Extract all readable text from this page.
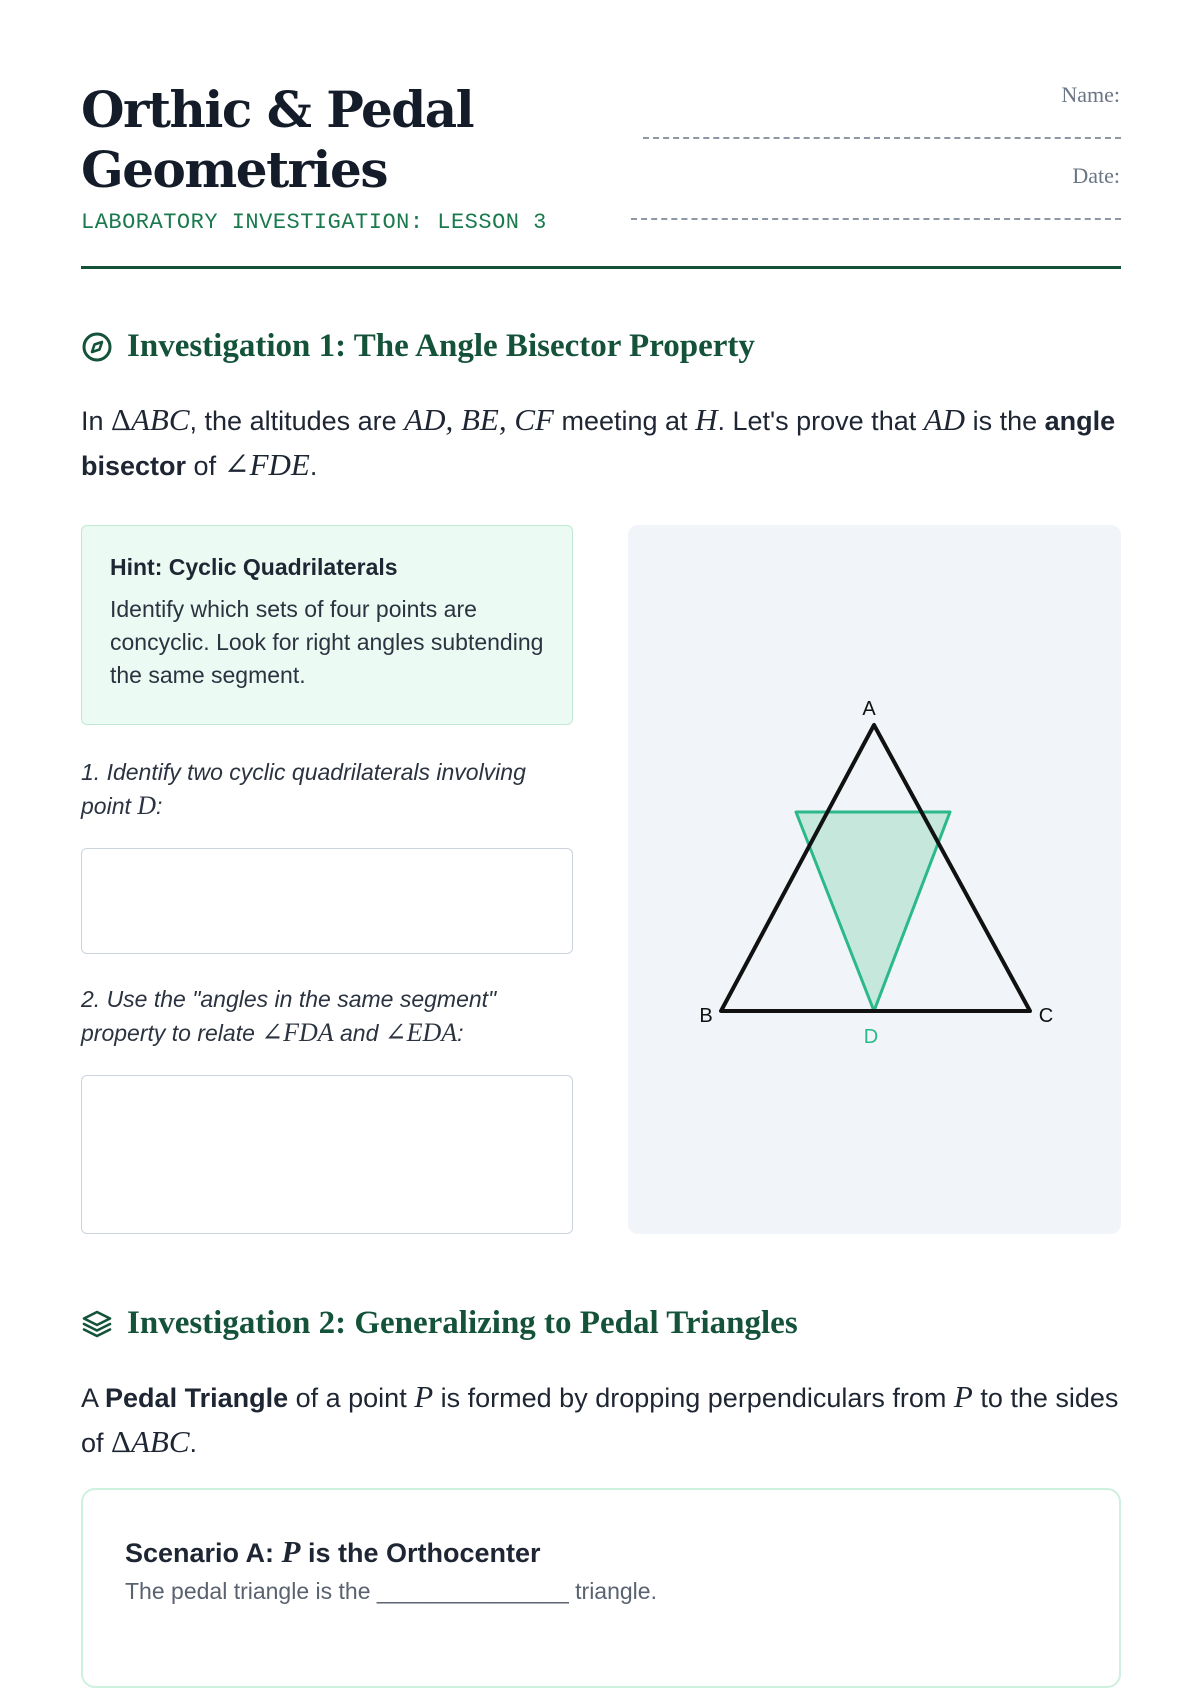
Orthic & Pedal Geometries
LABORATORY INVESTIGATION: LESSON 3
Name:
Date:
Investigation 1: The Angle Bisector Property

In ΔABC, the altitudes are AD, BE, CF meeting at H. Let's prove that AD is the angle bisector of ∠FDE.

Hint: Cyclic Quadrilaterals
Identify which sets of four points are concyclic. Look for right angles subtending the same segment.

1. Identify two cyclic quadrilaterals involving point D:

2. Use the "angles in the same segment" property to relate ∠FDA and ∠EDA:

A
B	C
D
Investigation 2: Generalizing to Pedal Triangles

A Pedal Triangle of a point P is formed by dropping perpendiculars from P to the sides of ΔABC.

Scenario A: P is the Orthocenter
The pedal triangle is the _______________ triangle.
